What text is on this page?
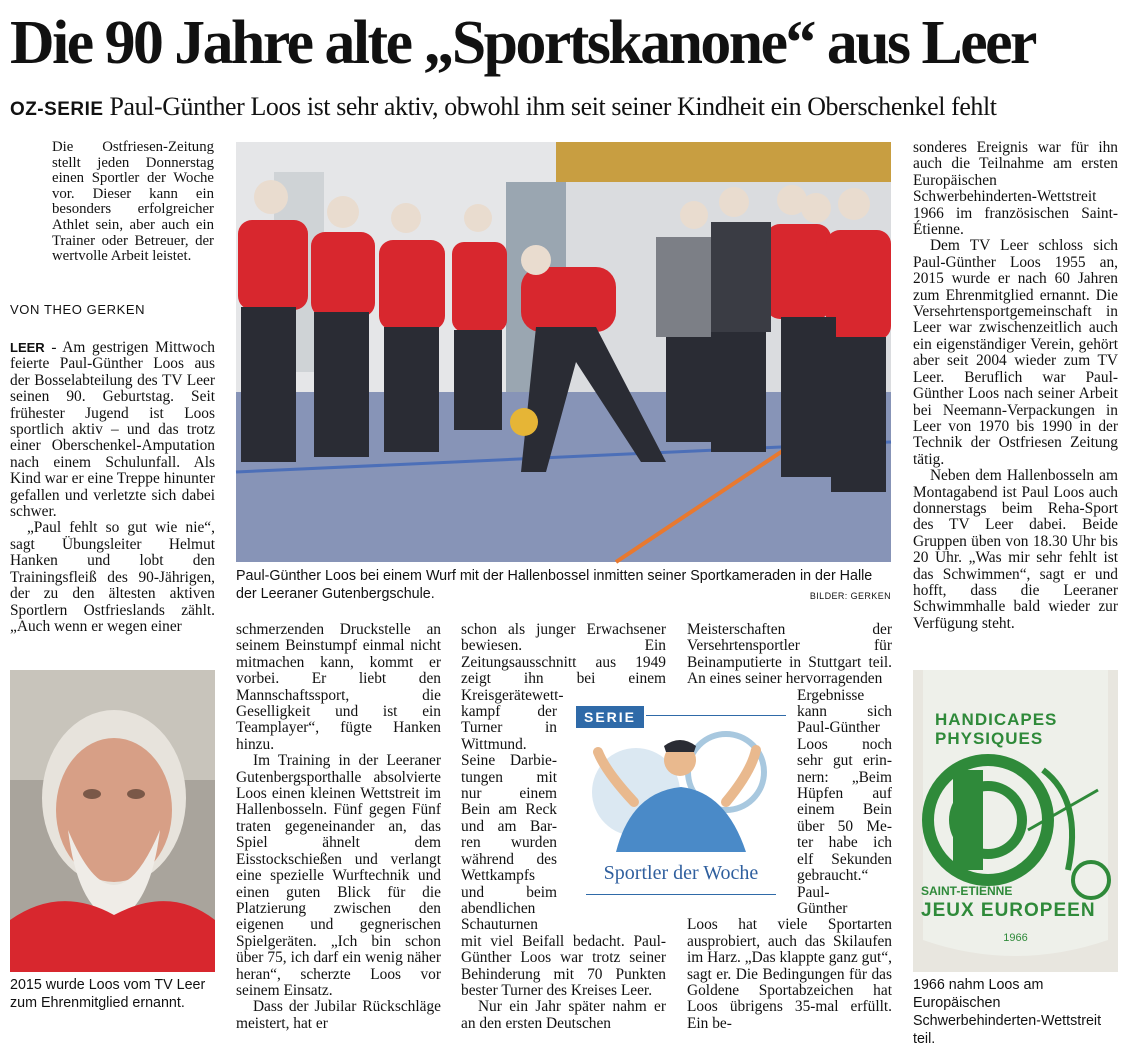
Die 90 Jahre alte „Sportskanone“ aus Leer
OZ-SERIE Paul-Günther Loos ist sehr aktiv, obwohl ihm seit seiner Kindheit ein Oberschenkel fehlt

Die Ostfriesen-Zeitung stellt jeden Donnerstag einen Sportler der Woche vor. Dieser kann ein besonders erfolgreicher Athlet sein, aber auch ein Trainer oder Betreuer, der wertvolle Arbeit leistet.

VON THEO GERKEN

LEER - Am gestrigen Mittwoch feierte Paul-Günther Loos aus der Bosselabteilung des TV Leer seinen 90. Geburtstag. Seit frühester Jugend ist Loos sportlich aktiv – und das trotz einer Oberschenkel-Amputation nach einem Schulunfall. Als Kind war er eine Treppe hinunter gefallen und verletzte sich dabei schwer.

„Paul fehlt so gut wie nie“, sagt Übungsleiter Helmut Hanken und lobt den Trainingsfleiß des 90-Jährigen, der zu den ältesten aktiven Sportlern Ostfrieslands zählt. „Auch wenn er wegen einer

2015 wurde Loos vom TV Leer zum Ehrenmitglied ernannt.
Paul-Günther Loos bei einem Wurf mit der Hallenbossel inmitten seiner Sportkameraden in der Halle der Leeraner Gutenbergschule.	BILDER: GERKEN

schmerzenden Druckstelle an seinem Beinstumpf einmal nicht mitmachen kann, kommt er vorbei. Er liebt den Mannschaftssport, die Geselligkeit und ist ein Teamplayer“, fügte Hanken hinzu.

Im Training in der Leeraner Gutenbergsporthalle absolvierte Loos einen kleinen Wettstreit im Hallenbosseln. Fünf gegen Fünf traten gegeneinander an, das Spiel ähnelt dem Eisstockschießen und verlangt eine spezielle Wurftechnik und einen guten Blick für die Platzierung zwischen den eigenen und gegnerischen Spielgeräten. „Ich bin schon über 75, ich darf ein wenig näher heran“, scherzte Loos vor seinem Einsatz.

Dass der Jubilar Rückschläge meistert, hat er

schon als junger Erwachsener bewiesen. Ein Zeitungsausschnitt aus 1949 zeigt ihn bei einem Kreisgerätewett-

kampf der
Turner in
Wittmund.
Seine Darbie-
tungen mit
nur einem
Bein am Reck
und am Bar-
ren wurden
während des
Wettkampfs
und beim
abendlichen
Schauturnen

mit viel Beifall bedacht. Paul-Günther Loos war trotz seiner Behinderung mit 70 Punkten bester Turner des Kreises Leer.

Nur ein Jahr später nahm er an den ersten Deutschen

Meisterschaften der Versehrtensportler für Beinamputierte in Stuttgart teil. An eines seiner hervorragenden

Ergebnisse
kann sich
Paul-Günther
Loos noch
sehr gut erin-
nern: „Beim
Hüpfen auf
einem Bein
über 50 Me-
ter habe ich
elf Sekunden
gebraucht.“
Paul-
Günther

Loos hat viele Sportarten ausprobiert, auch das Skilaufen im Harz. „Das klappte ganz gut“, sagt er. Die Bedingungen für das Goldene Sportabzeichen hat Loos übrigens 35-mal erfüllt. Ein be-

SERIE
Sportler der Woche

sonderes Ereignis war für ihn auch die Teilnahme am ersten Europäischen Schwerbehinderten-Wettstreit 1966 im französischen Saint-Étienne.

Dem TV Leer schloss sich Paul-Günther Loos 1955 an, 2015 wurde er nach 60 Jahren zum Ehrenmitglied ernannt. Die Versehrtensportgemeinschaft in Leer war zwischenzeitlich auch ein eigenständiger Verein, gehört aber seit 2004 wieder zum TV Leer. Beruflich war Paul-Günther Loos nach seiner Arbeit bei Neemann-Verpackungen in Leer von 1970 bis 1990 in der Technik der Ostfriesen Zeitung tätig.

Neben dem Hallenbosseln am Montagabend ist Paul Loos auch donnerstags beim Reha-Sport des TV Leer dabei. Beide Gruppen üben von 18.30 Uhr bis 20 Uhr. „Was mir sehr fehlt ist das Schwimmen“, sagt er und hofft, dass die Leeraner Schwimmhalle bald wieder zur Verfügung steht.

HANDICAPES
PHYSIQUES
SAINT-ETIENNE
JEUX EUROPEEN
1966
1966 nahm Loos am Europäischen Schwerbehinderten-Wettstreit teil.
